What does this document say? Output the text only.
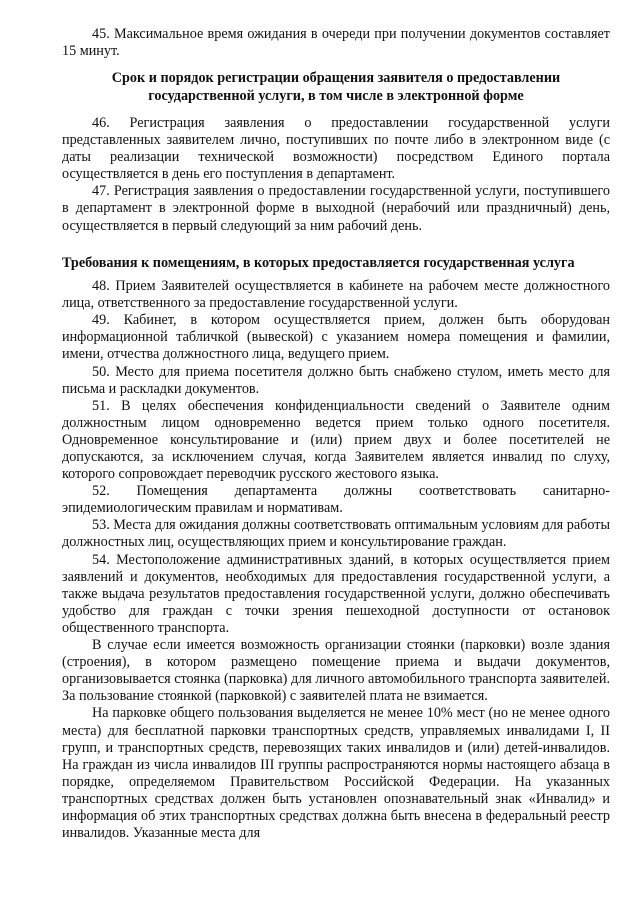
45. Максимальное время ожидания в очереди при получении документов составляет 15 минут.

Срок и порядок регистрации обращения заявителя о предоставлении государственной услуги, в том числе в электронной форме

46. Регистрация заявления о предоставлении государственной услуги представленных заявителем лично, поступивших по почте либо в электронном виде (с даты реализации технической возможности) посредством Единого портала осуществляется в день его поступления в департамент.

47. Регистрация заявления о предоставлении государственной услуги, поступившего в департамент в электронной форме в выходной (нерабочий или праздничный) день, осуществляется в первый следующий за ним рабочий день.

Требования к помещениям, в которых предоставляется государственная услуга

48. Прием Заявителей осуществляется в кабинете на рабочем месте должностного лица, ответственного за предоставление государственной услуги.

49. Кабинет, в котором осуществляется прием, должен быть оборудован информационной табличкой (вывеской) с указанием номера помещения и фамилии, имени, отчества должностного лица, ведущего прием.

50. Место для приема посетителя должно быть снабжено стулом, иметь место для письма и раскладки документов.

51. В целях обеспечения конфиденциальности сведений о Заявителе одним должностным лицом одновременно ведется прием только одного посетителя. Одновременное консультирование и (или) прием двух и более посетителей не допускаются, за исключением случая, когда Заявителем является инвалид по слуху, которого сопровождает переводчик русского жестового языка.

52. Помещения департамента должны соответствовать санитарно-эпидемиологическим правилам и нормативам.

53. Места для ожидания должны соответствовать оптимальным условиям для работы должностных лиц, осуществляющих прием и консультирование граждан.

54. Местоположение административных зданий, в которых осуществляется прием заявлений и документов, необходимых для предоставления государственной услуги, а также выдача результатов предоставления государственной услуги, должно обеспечивать удобство для граждан с точки зрения пешеходной доступности от остановок общественного транспорта.

В случае если имеется возможность организации стоянки (парковки) возле здания (строения), в котором размещено помещение приема и выдачи документов, организовывается стоянка (парковка) для личного автомобильного транспорта заявителей. За пользование стоянкой (парковкой) с заявителей плата не взимается.

На парковке общего пользования выделяется не менее 10% мест (но не менее одного места) для бесплатной парковки транспортных средств, управляемых инвалидами I, II групп, и транспортных средств, перевозящих таких инвалидов и (или) детей-инвалидов. На граждан из числа инвалидов III группы распространяются нормы настоящего абзаца в порядке, определяемом Правительством Российской Федерации. На указанных транспортных средствах должен быть установлен опознавательный знак «Инвалид» и информация об этих транспортных средствах должна быть внесена в федеральный реестр инвалидов. Указанные места для
